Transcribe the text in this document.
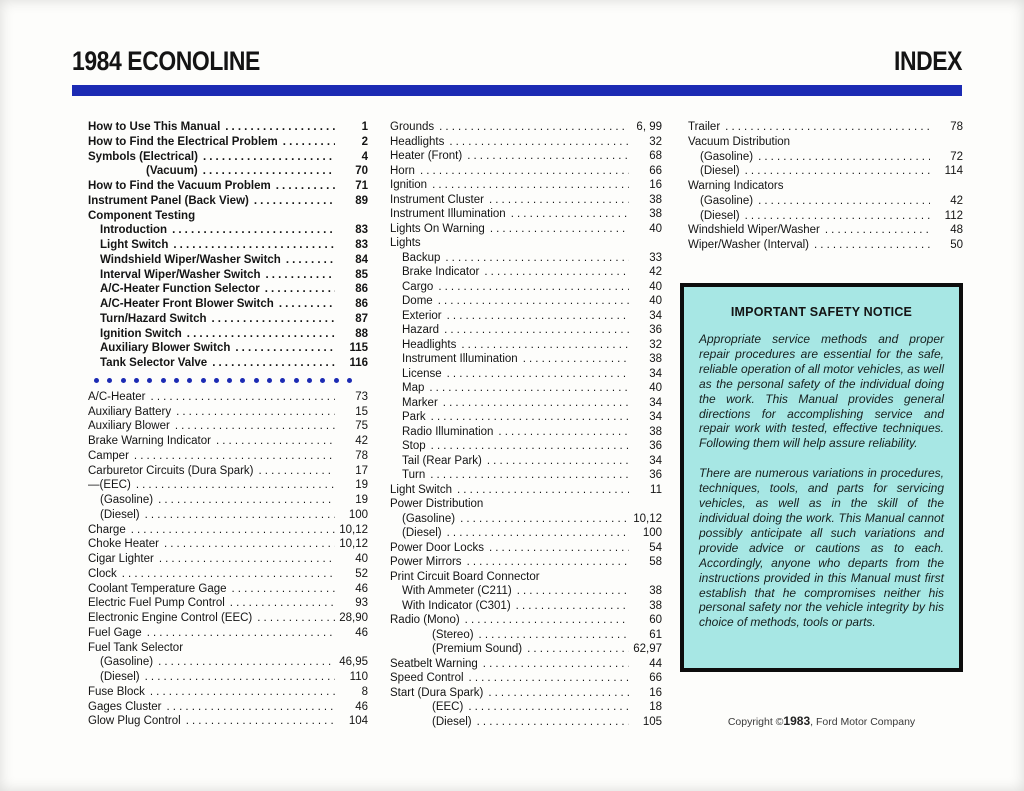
1984 ECONOLINE	INDEX
How to Use This Manual .....	1
How to Find the Electrical Problem .....	2
Symbols (Electrical) .....	4
(Vacuum) .....	70
How to Find the Vacuum Problem .....	71
Instrument Panel (Back View) .....	89
Component Testing
Introduction .....	83
Light Switch .....	83
Windshield Wiper/Washer Switch .....	84
Interval Wiper/Washer Switch .....	85
A/C-Heater Function Selector .....	86
A/C-Heater Front Blower Switch .....	86
Turn/Hazard Switch .....	87
Ignition Switch .....	88
Auxiliary Blower Switch .....	115
Tank Selector Valve .....	116
A/C-Heater .....	73
Auxiliary Battery .....	15
Auxiliary Blower .....	75
Brake Warning Indicator .....	42
Camper .....	78
Carburetor Circuits (Dura Spark) .....	17
—(EEC) .....	19
(Gasoline) .....	19
(Diesel) .....	100
Charge .....	10,12
Choke Heater .....	10,12
Cigar Lighter .....	40
Clock .....	52
Coolant Temperature Gage .....	46
Electric Fuel Pump Control .....	93
Electronic Engine Control (EEC) .....	28,90
Fuel Gage .....	46
Fuel Tank Selector
(Gasoline) .....	46,95
(Diesel) .....	110
Fuse Block .....	8
Gages Cluster .....	46
Glow Plug Control .....	104
Grounds .....	6, 99
Headlights .....	32
Heater (Front) .....	68
Horn .....	66
Ignition .....	16
Instrument Cluster .....	38
Instrument Illumination .....	38
Lights On Warning .....	40
Lights
Backup .....	33
Brake Indicator .....	42
Cargo .....	40
Dome .....	40
Exterior .....	34
Hazard .....	36
Headlights .....	32
Instrument Illumination .....	38
License .....	34
Map .....	40
Marker .....	34
Park .....	34
Radio Illumination .....	38
Stop .....	36
Tail (Rear Park) .....	34
Turn .....	36
Light Switch .....	11
Power Distribution
(Gasoline) .....	10,12
(Diesel) .....	100
Power Door Locks .....	54
Power Mirrors .....	58
Print Circuit Board Connector
With Ammeter (C211) .....	38
With Indicator (C301) .....	38
Radio (Mono) .....	60
(Stereo) .....	61
(Premium Sound) .....	62,97
Seatbelt Warning .....	44
Speed Control .....	66
Start (Dura Spark) .....	16
(EEC) .....	18
(Diesel) .....	105
Trailer .....	78
Vacuum Distribution
(Gasoline) .....	72
(Diesel) .....	114
Warning Indicators
(Gasoline) .....	42
(Diesel) .....	112
Windshield Wiper/Washer .....	48
Wiper/Washer (Interval) .....	50
IMPORTANT SAFETY NOTICE

Appropriate service methods and proper repair procedures are essential for the safe, reliable operation of all motor vehicles, as well as the personal safety of the individual doing the work. This Manual provides general directions for accomplishing service and repair work with tested, effective techniques. Following them will help assure reliability.

There are numerous variations in procedures, techniques, tools, and parts for servicing vehicles, as well as in the skill of the individual doing the work. This Manual cannot possibly anticipate all such variations and provide advice or cautions as to each. Accordingly, anyone who departs from the instructions provided in this Manual must first establish that he compromises neither his personal safety nor the vehicle integrity by his choice of methods, tools or parts.

Copyright ©1983, Ford Motor Company
